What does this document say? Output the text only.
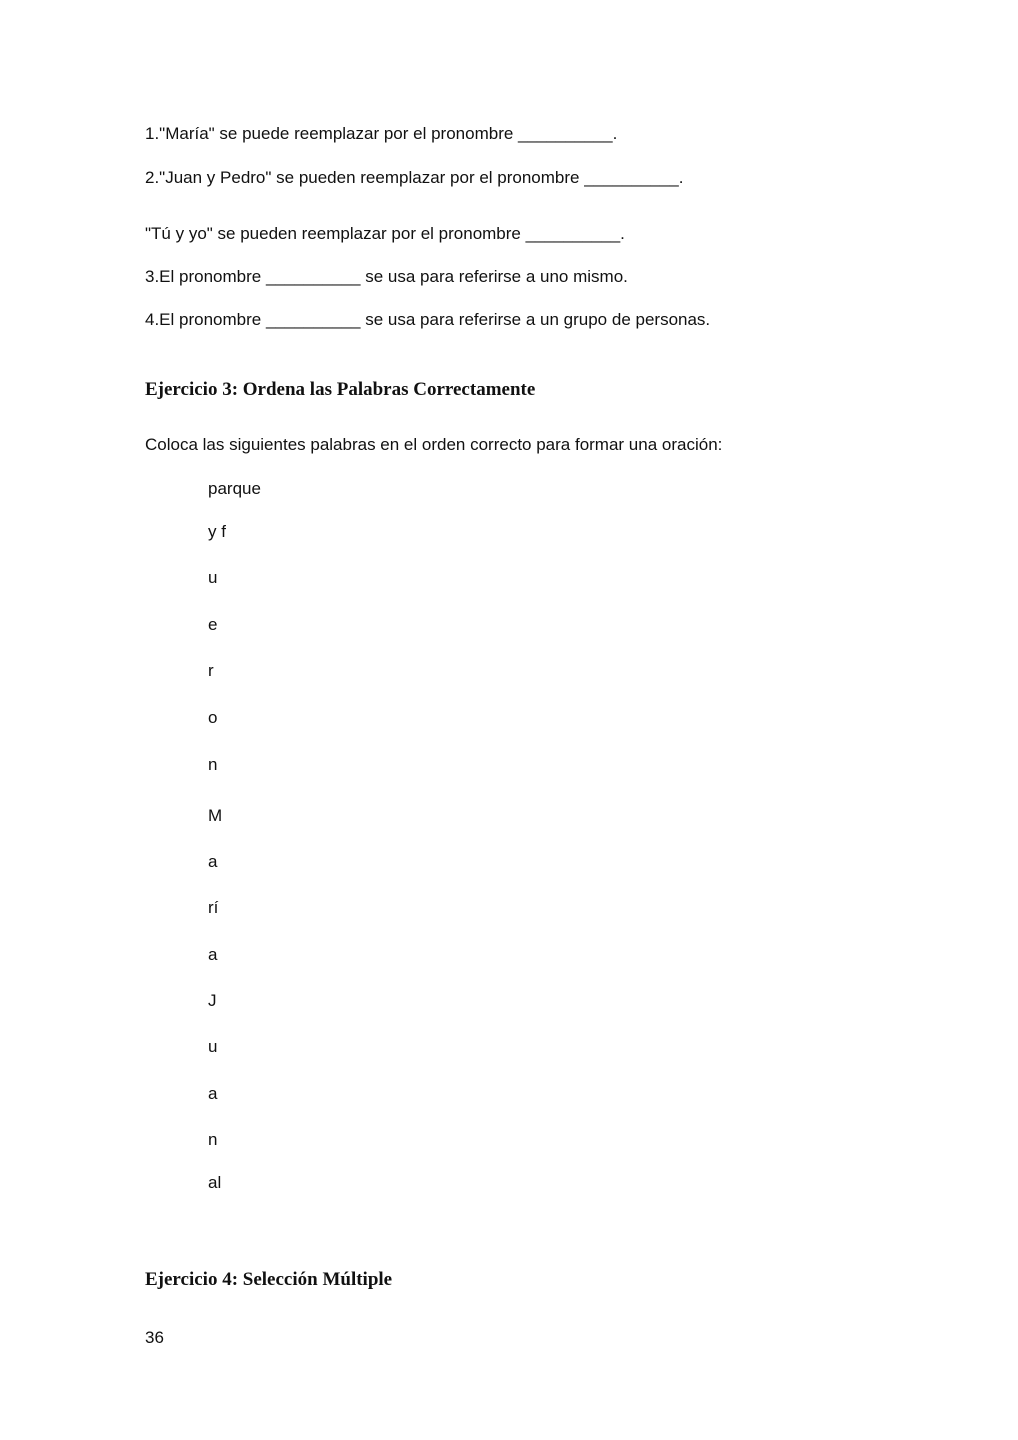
1."María" se puede reemplazar por el pronombre __________.
2."Juan y Pedro" se pueden reemplazar por el pronombre __________.
"Tú y yo" se pueden reemplazar por el pronombre __________.
3.El pronombre __________ se usa para referirse a uno mismo.
4.El pronombre __________ se usa para referirse a un grupo de personas.
Ejercicio 3: Ordena las Palabras Correctamente
Coloca las siguientes palabras en el orden correcto para formar una oración:
parque
y f
u
e
r
o
n
M
a
rí
a
J
u
a
n
al
Ejercicio 4: Selección Múltiple
36
